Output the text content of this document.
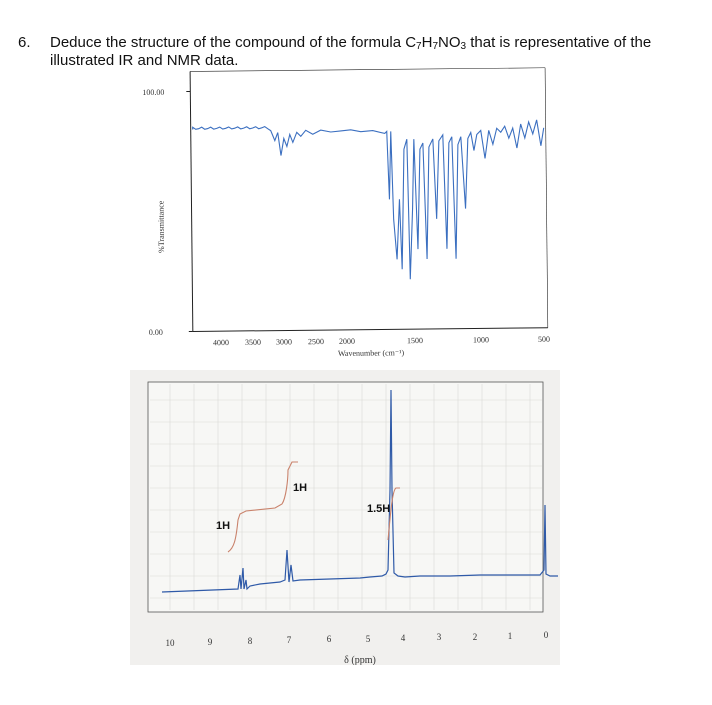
6. Deduce the structure of the compound of the formula $C_7H_7NO_3$ that is representative of the
illustrated IR and NMR data.
100.00
0.00
%Transmittance
4000 3500 3000 2500 2000	1500	1000	500
Wavenumber (cm⁻¹)
1H
1H
1.5H
10	9	8	7	6	5	4	3	2	1	0
δ (ppm)
